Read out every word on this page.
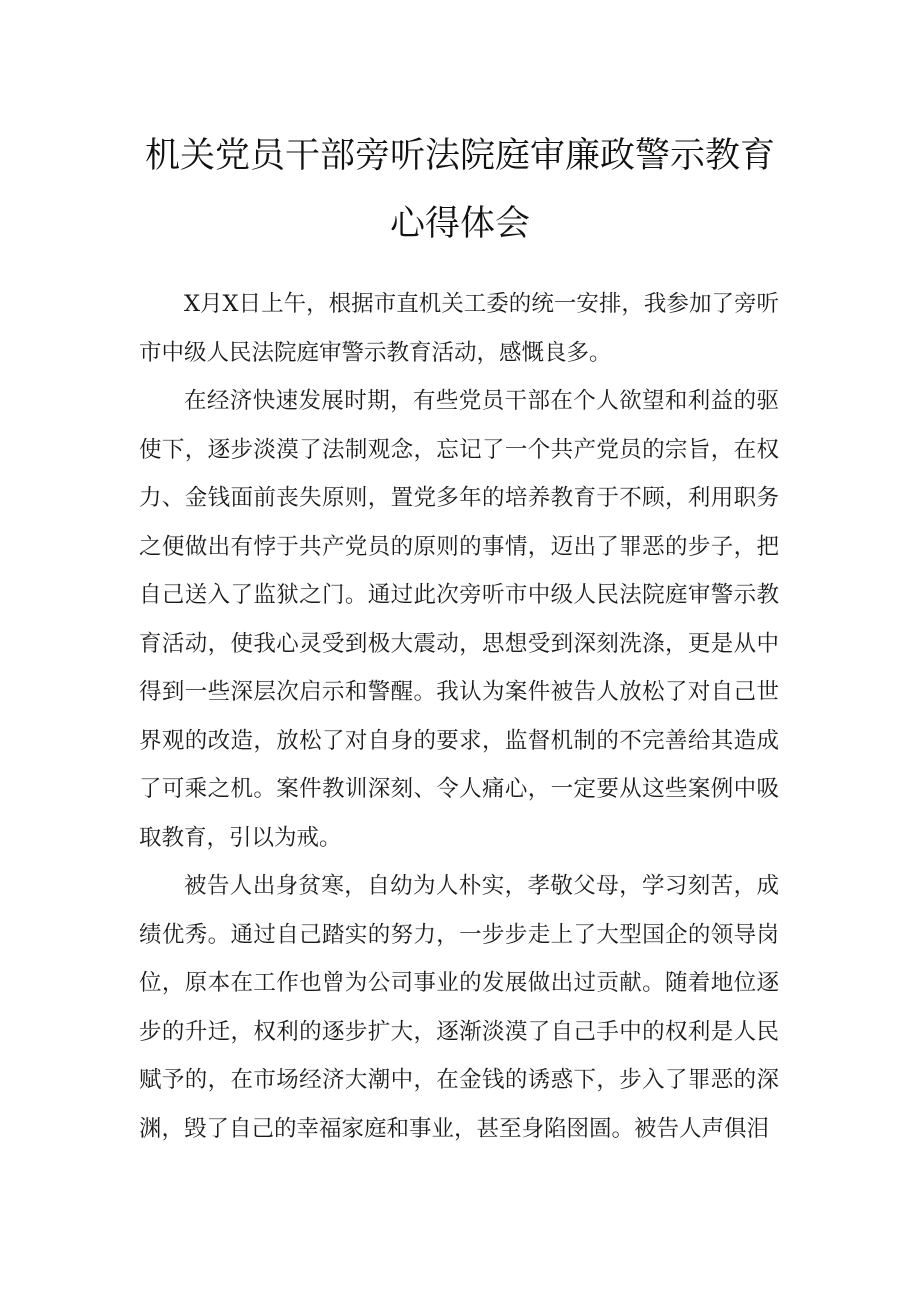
机关党员干部旁听法院庭审廉政警示教育
心得体会

X月X日上午，根据市直机关工委的统一安排，我参加了旁听市中级人民法院庭审警示教育活动，感慨良多。

在经济快速发展时期，有些党员干部在个人欲望和利益的驱使下，逐步淡漠了法制观念，忘记了一个共产党员的宗旨，在权力、金钱面前丧失原则，置党多年的培养教育于不顾，利用职务之便做出有悖于共产党员的原则的事情，迈出了罪恶的步子，把自己送入了监狱之门。通过此次旁听市中级人民法院庭审警示教育活动，使我心灵受到极大震动，思想受到深刻洗涤，更是从中得到一些深层次启示和警醒。我认为案件被告人放松了对自己世界观的改造，放松了对自身的要求，监督机制的不完善给其造成了可乘之机。案件教训深刻、令人痛心，一定要从这些案例中吸取教育，引以为戒。

被告人出身贫寒，自幼为人朴实，孝敬父母，学习刻苦，成绩优秀。通过自己踏实的努力，一步步走上了大型国企的领导岗位，原本在工作也曾为公司事业的发展做出过贡献。随着地位逐步的升迁，权利的逐步扩大，逐渐淡漠了自己手中的权利是人民赋予的，在市场经济大潮中，在金钱的诱惑下，步入了罪恶的深渊，毁了自己的幸福家庭和事业，甚至身陷囹圄。被告人声俱泪
